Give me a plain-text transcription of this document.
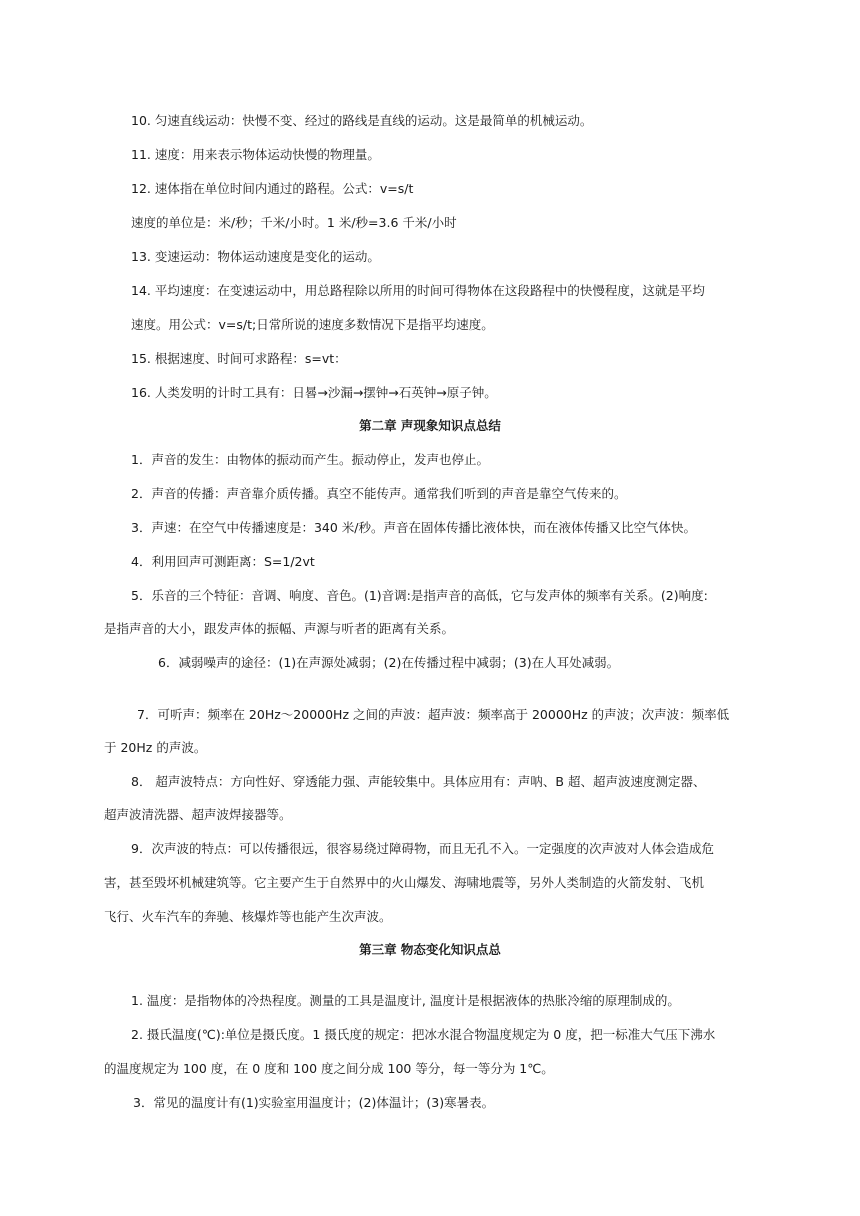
10. 匀速直线运动：快慢不变、经过的路线是直线的运动。这是最简单的机械运动。
11. 速度：用来表示物体运动快慢的物理量。
12. 速体指在单位时间内通过的路程。公式：v=s/t
速度的单位是：米/秒；千米/小时。1 米/秒=3.6 千米/小时
13. 变速运动：物体运动速度是变化的运动。
14. 平均速度：在变速运动中，用总路程除以所用的时间可得物体在这段路程中的快慢程度，这就是平均
速度。用公式：v=s/t;日常所说的速度多数情况下是指平均速度。
15. 根据速度、时间可求路程：s=vt：
16. 人类发明的计时工具有：日晷→沙漏→摆钟→石英钟→原子钟。
第二章 声现象知识点总结
1．声音的发生：由物体的振动而产生。振动停止，发声也停止。
2．声音的传播：声音靠介质传播。真空不能传声。通常我们听到的声音是靠空气传来的。
3．声速：在空气中传播速度是：340 米/秒。声音在固体传播比液体快，而在液体传播又比空气体快。
4．利用回声可测距离：S=1/2vt
5．乐音的三个特征：音调、响度、音色。(1)音调:是指声音的高低，它与发声体的频率有关系。(2)响度:
是指声音的大小，跟发声体的振幅、声源与听者的距离有关系。
6．减弱噪声的途径：(1)在声源处减弱；(2)在传播过程中减弱；(3)在人耳处减弱。
7．可听声：频率在 20Hz～20000Hz 之间的声波：超声波：频率高于 20000Hz 的声波；次声波：频率低
于 20Hz 的声波。
8． 超声波特点：方向性好、穿透能力强、声能较集中。具体应用有：声呐、B 超、超声波速度测定器、
超声波清洗器、超声波焊接器等。
9．次声波的特点：可以传播很远，很容易绕过障碍物，而且无孔不入。一定强度的次声波对人体会造成危
害，甚至毁坏机械建筑等。它主要产生于自然界中的火山爆发、海啸地震等，另外人类制造的火箭发射、飞机
飞行、火车汽车的奔驰、核爆炸等也能产生次声波。
第三章 物态变化知识点总
1. 温度：是指物体的冷热程度。测量的工具是温度计, 温度计是根据液体的热胀冷缩的原理制成的。
2. 摄氏温度(℃):单位是摄氏度。1 摄氏度的规定：把冰水混合物温度规定为 0 度，把一标准大气压下沸水
的温度规定为 100 度，在 0 度和 100 度之间分成 100 等分，每一等分为 1℃。
3．常见的温度计有(1)实验室用温度计；(2)体温计；(3)寒暑表。
